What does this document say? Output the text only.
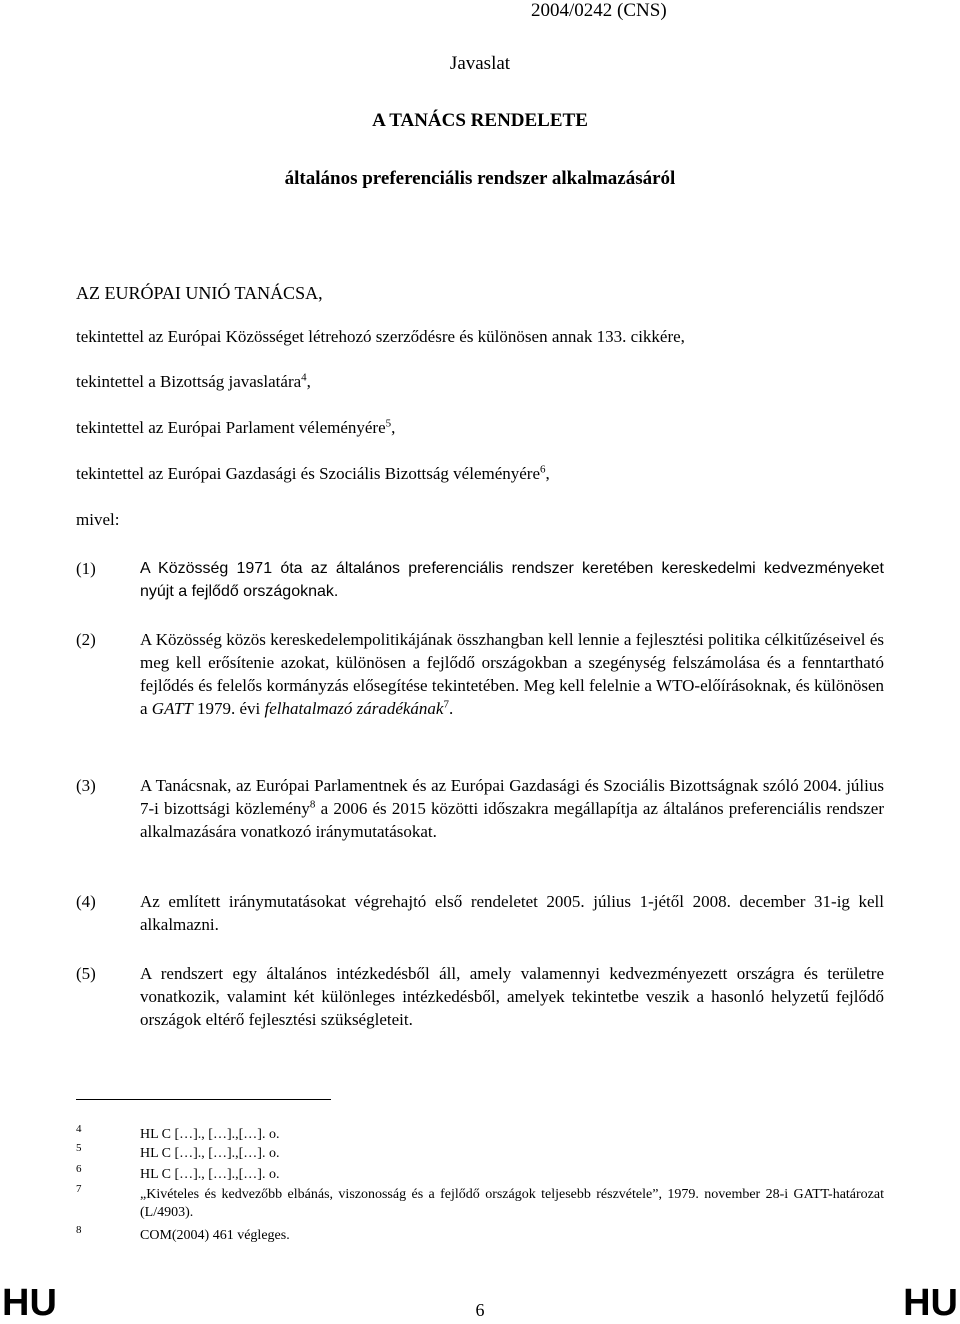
2004/0242 (CNS)
Javaslat
A TANÁCS RENDELETE
általános preferenciális rendszer alkalmazásáról
AZ EURÓPAI UNIÓ TANÁCSA,
tekintettel az Európai Közösséget létrehozó szerződésre és különösen annak 133. cikkére,
tekintettel a Bizottság javaslatára$^4$,
tekintettel az Európai Parlament véleményére$^5$,
tekintettel az Európai Gazdasági és Szociális Bizottság véleményére$^6$,
mivel:
(1)	A Közösség 1971 óta az általános preferenciális rendszer keretében kereskedelmi kedvezményeket nyújt a fejlődő országoknak.
(2)	A Közösség közös kereskedelempolitikájának összhangban kell lennie a fejlesztési politika célkitűzéseivel és meg kell erősítenie azokat, különösen a fejlődő országokban a szegénység felszámolása és a fenntartható fejlődés és felelős kormányzás elősegítése tekintetében. Meg kell felelnie a WTO-előírásoknak, és különösen a GATT 1979. évi felhatalmazó záradékának$^7$.
(3)	A Tanácsnak, az Európai Parlamentnek és az Európai Gazdasági és Szociális Bizottságnak szóló 2004. július 7-i bizottsági közlemény$^8$ a 2006 és 2015 közötti időszakra megállapítja az általános preferenciális rendszer alkalmazására vonatkozó iránymutatásokat.
(4)	Az említett iránymutatásokat végrehajtó első rendeletet 2005. július 1-jétől 2008. december 31-ig kell alkalmazni.
(5)	A rendszert egy általános intézkedésből áll, amely valamennyi kedvezményezett országra és területre vonatkozik, valamint két különleges intézkedésből, amelyek tekintetbe veszik a hasonló helyzetű fejlődő országok eltérő fejlesztési szükségleteit.
4	HL C […]., […].,[…]. o.
5	HL C […]., […].,[…]. o.
6	HL C […]., […].,[…]. o.
7	„Kivételes és kedvezőbb elbánás, viszonosság és a fejlődő országok teljesebb részvétele”, 1979. november 28-i GATT-határozat (L/4903).
8	COM(2004) 461 végleges.
HU	6	HU
